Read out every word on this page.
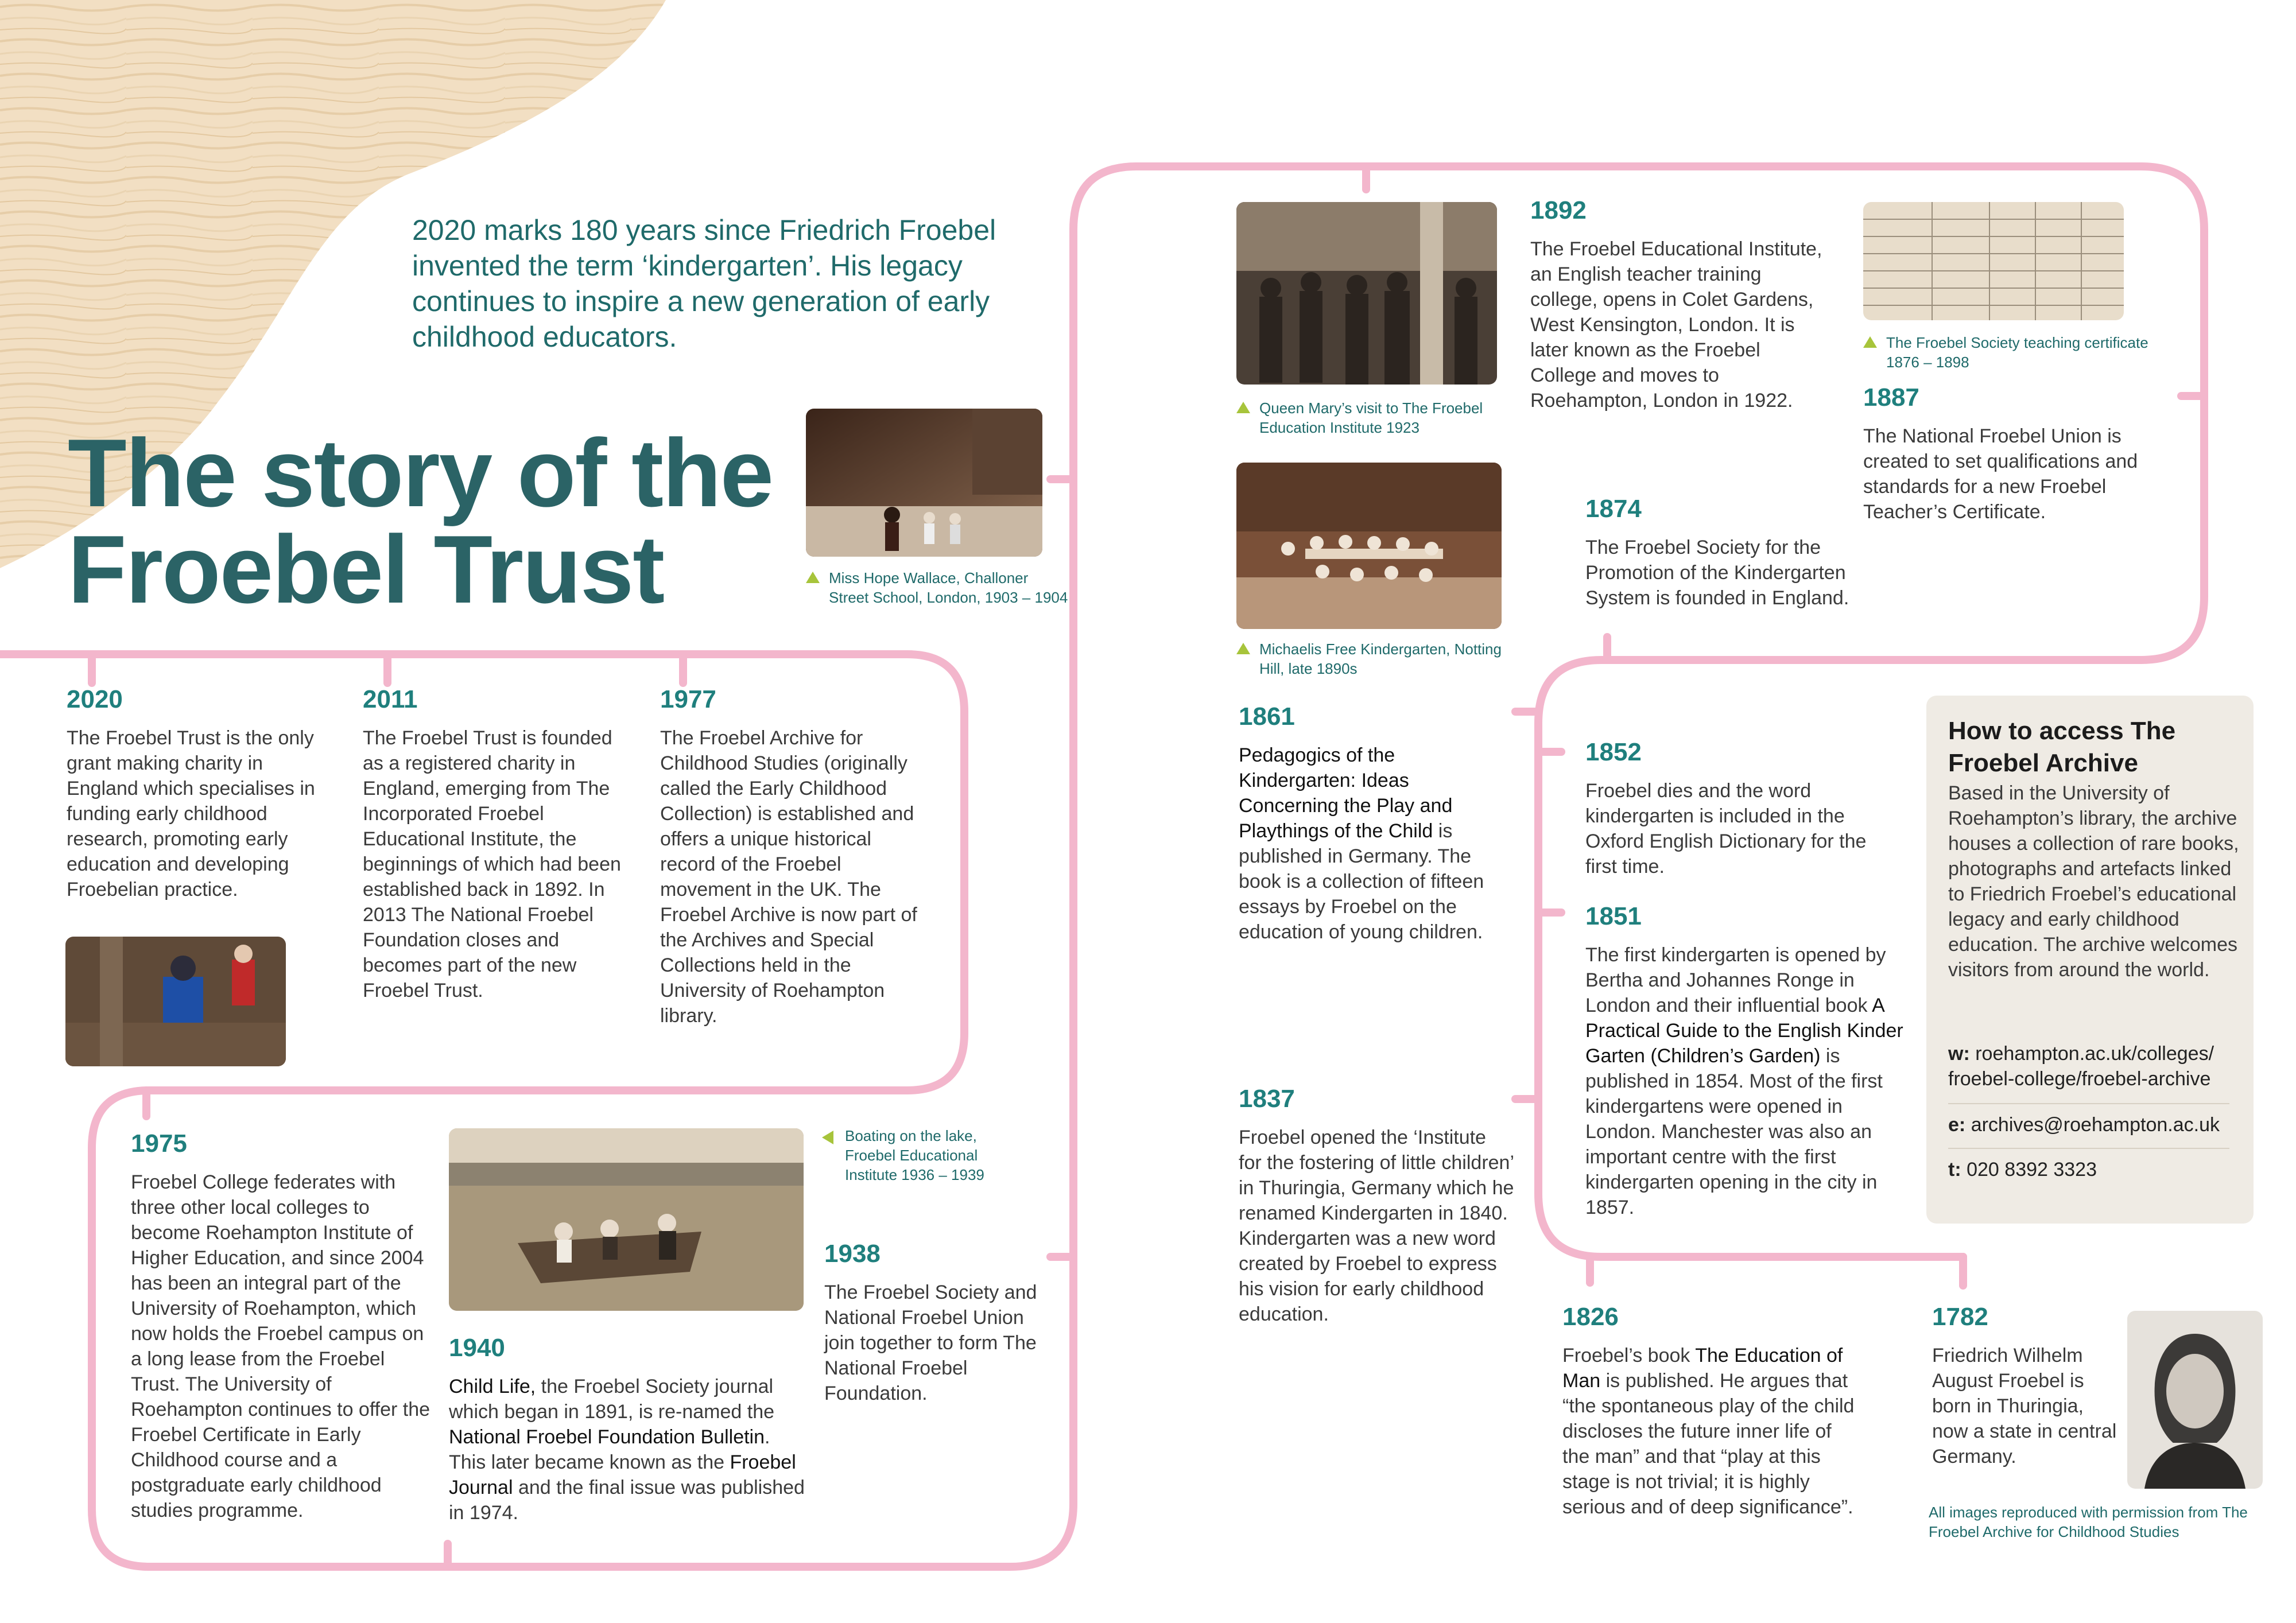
2020 marks 180 years since Friedrich Froebel invented the term ‘kindergarten’. His legacy continues to inspire a new generation of early childhood educators.
The story of the
Froebel Trust	Miss Hope Wallace, Challoner Street School, London, 1903 – 1904
Queen Mary’s visit to The Froebel Education Institute 1923
Michaelis Free Kindergarten, Notting Hill, late 1890s
The Froebel Society teaching certificate 1876 – 1898
Boating on the lake, Froebel Educational Institute 1936 – 1939
2020
The Froebel Trust is the only grant making charity in England which specialises in funding early childhood research, promoting early education and developing Froebelian practice.
2011
The Froebel Trust is founded as a registered charity in England, emerging from The Incorporated Froebel Educational Institute, the beginnings of which had been established back in 1892. In 2013 The National Froebel Foundation closes and becomes part of the new Froebel Trust.
1977
The Froebel Archive for Childhood Studies (originally called the Early Childhood Collection) is established and offers a unique historical record of the Froebel movement in the UK. The Froebel Archive is now part of the Archives and Special Collections held in the University of Roehampton library.
1975
Froebel College federates with three other local colleges to become Roehampton Institute of Higher Education, and since 2004 has been an integral part of the University of Roehampton, which now holds the Froebel campus on a long lease from the Froebel Trust. The University of Roehampton continues to offer the Froebel Certificate in Early Childhood course and a postgraduate early childhood studies programme.
1940
Child Life, the Froebel Society journal which began in 1891, is re-named the National Froebel Foundation Bulletin. This later became known as the Froebel Journal and the final issue was published in 1974.
1938
The Froebel Society and National Froebel Union join together to form The National Froebel Foundation.
1892
The Froebel Educational Institute, an English teacher training college, opens in Colet Gardens, West Kensington, London. It is later known as the Froebel College and moves to Roehampton, London in 1922.	1887
The National Froebel Union is created to set qualifications and standards for a new Froebel Teacher’s Certificate.
1874
The Froebel Society for the Promotion of the Kindergarten System is founded in England.
1861
Pedagogics of the Kindergarten: Ideas Concerning the Play and Playthings of the Child is published in Germany. The book is a collection of fifteen essays by Froebel on the education of young children.
1852
Froebel dies and the word kindergarten is included in the Oxford English Dictionary for the first time.
1851
The first kindergarten is opened by Bertha and Johannes Ronge in London and their influential book A Practical Guide to the English Kinder Garten (Children’s Garden) is published in 1854. Most of the first kindergartens were opened in London. Manchester was also an important centre with the first kindergarten opening in the city in 1857.
1837
Froebel opened the ‘Institute for the fostering of little children’ in Thuringia, Germany which he renamed Kindergarten in 1840. Kindergarten was a new word created by Froebel to express his vision for early childhood education.	1826
Froebel’s book The Education of Man is published. He argues that “the spontaneous play of the child discloses the future inner life of the man” and that “play at this stage is not trivial; it is highly serious and of deep significance”.
1782
Friedrich Wilhelm August Froebel is born in Thuringia, now a state in central Germany.
How to access The Froebel Archive
Based in the University of Roehampton’s library, the archive houses a collection of rare books, photographs and artefacts linked to Friedrich Froebel’s educational legacy and early childhood education. The archive welcomes visitors from around the world.
w: roehampton.ac.uk/colleges/ froebel-college/froebel-archive
e: archives@roehampton.ac.uk
t: 020 8392 3323
All images reproduced with permission from The Froebel Archive for Childhood Studies
